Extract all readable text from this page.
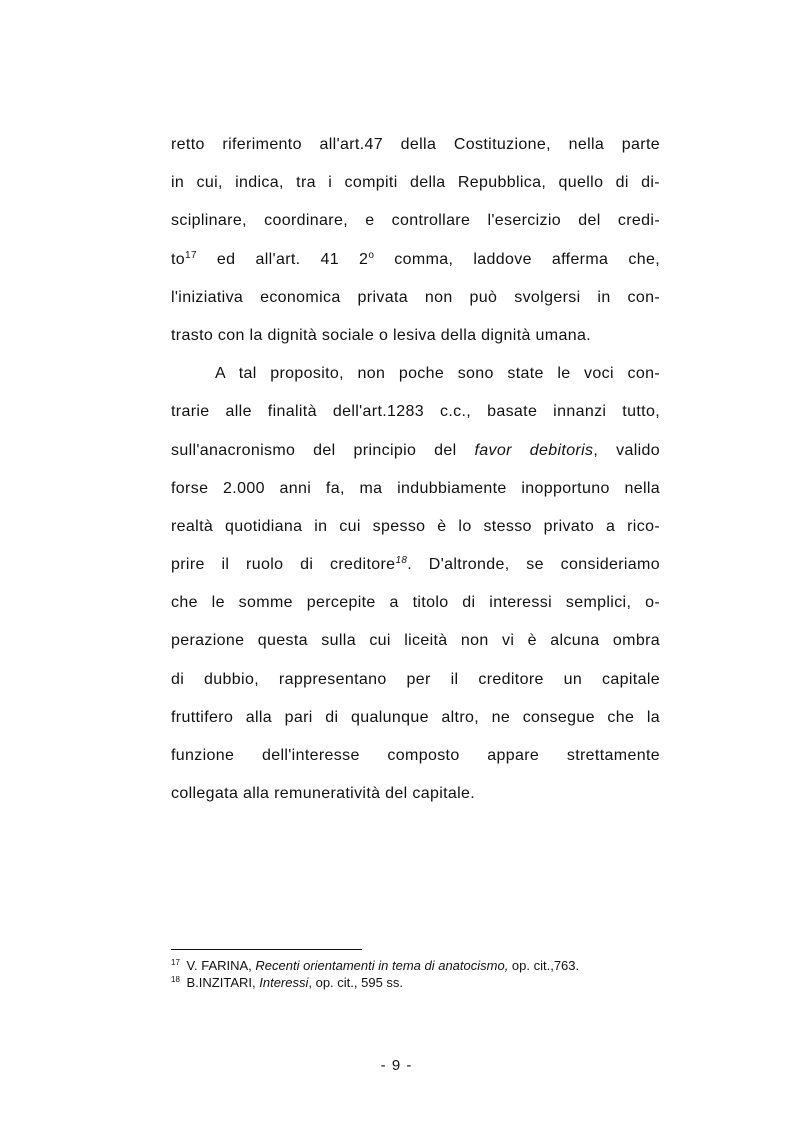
retto riferimento all'art.47 della Costituzione, nella parte
in cui, indica, tra i compiti della Repubblica, quello di di-
sciplinare, coordinare, e controllare l'esercizio del credi-
$to^{17}$ ed all'art. 41 2$^o$ comma, laddove afferma che,
l'iniziativa economica privata non può svolgersi in con-
trasto con la dignità sociale o lesiva della dignità umana.
A tal proposito, non poche sono state le voci con-
trarie alle finalità dell'art.1283 c.c., basate innanzi tutto,
sull'anacronismo del principio del favor debitoris, valido
forse 2.000 anni fa, ma indubbiamente inopportuno nella
realtà quotidiana in cui spesso è lo stesso privato a rico-
prire il ruolo di creditore$^{18}$. D'altronde, se consideriamo
che le somme percepite a titolo di interessi semplici, o-
perazione questa sulla cui liceità non vi è alcuna ombra
di dubbio, rappresentano per il creditore un capitale
fruttifero alla pari di qualunque altro, ne consegue che la
funzione dell'interesse composto appare strettamente
collegata alla remuneratività del capitale.
$^{17}$ V. FARINA, Recenti orientamenti in tema di anatocismo, op. cit.,763.
$^{18}$ B.INZITARI, Interessi, op. cit., 595 ss.
- 9 -
